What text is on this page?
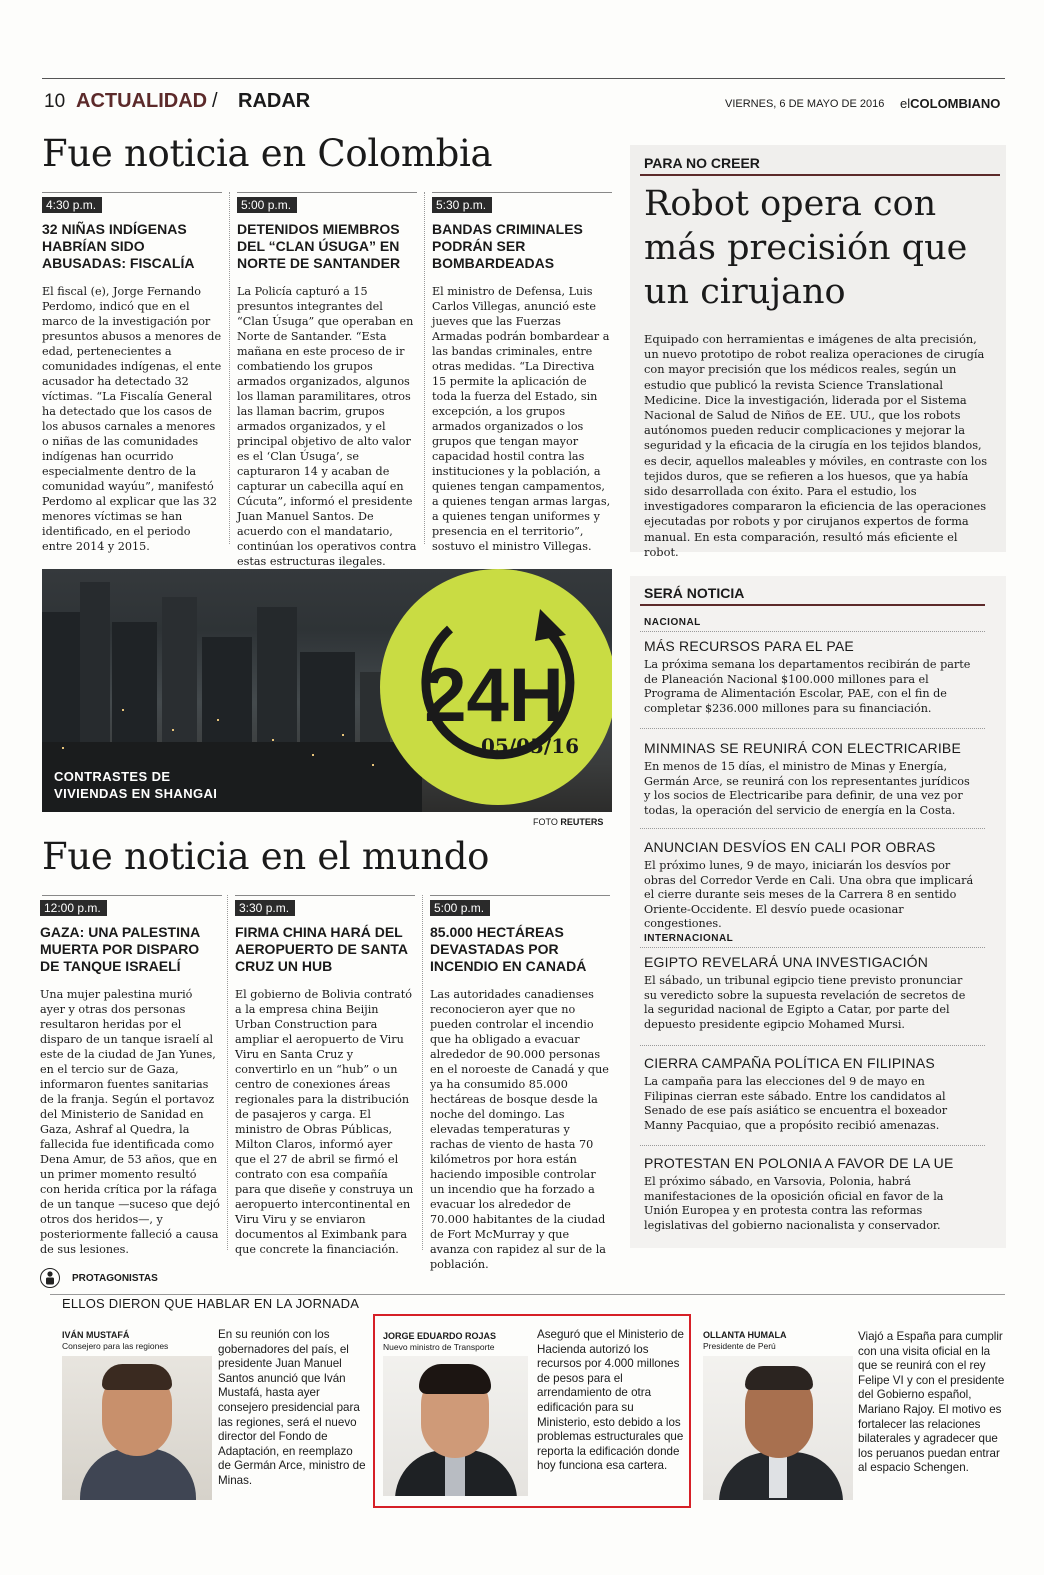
10 ACTUALIDAD / RADAR	VIERNES, 6 DE MAYO DE 2016 elCOLOMBIANO
Fue noticia en Colombia
4:30 p.m.
32 NIÑAS INDÍGENAS HABRÍAN SIDO ABUSADAS: FISCALÍA
El fiscal (e), Jorge Fernando Perdomo, indicó que en el marco de la investigación por presuntos abusos a menores de edad, pertenecientes a comunidades indígenas, el ente acusador ha detectado 32 víctimas. “La Fiscalía General ha detectado que los casos de los abusos carnales a menores o niñas de las comunidades indígenas han ocurrido especialmente dentro de la comunidad wayúu”, manifestó Perdomo al explicar que las 32 menores víctimas se han identificado, en el periodo entre 2014 y 2015.
5:00 p.m.
DETENIDOS MIEMBROS DEL “CLAN ÚSUGA” EN NORTE DE SANTANDER
La Policía capturó a 15 presuntos integrantes del “Clan Úsuga” que operaban en Norte de Santander. “Esta mañana en este proceso de ir combatiendo los grupos armados organizados, algunos los llaman paramilitares, otros las llaman bacrim, grupos armados organizados, y el principal objetivo de alto valor es el ‘Clan Úsuga’, se capturaron 14 y acaban de capturar un cabecilla aquí en Cúcuta”, informó el presidente Juan Manuel Santos. De acuerdo con el mandatario, continúan los operativos contra estas estructuras ilegales.
5:30 p.m.
BANDAS CRIMINALES PODRÁN SER BOMBARDEADAS
El ministro de Defensa, Luis Carlos Villegas, anunció este jueves que las Fuerzas Armadas podrán bombardear a las bandas criminales, entre otras medidas. “La Directiva 15 permite la aplicación de toda la fuerza del Estado, sin excepción, a los grupos armados organizados o los grupos que tengan mayor capacidad hostil contra las instituciones y la población, a quienes tengan campamentos, a quienes tengan armas largas, a quienes tengan uniformes y presencia en el territorio”, sostuvo el ministro Villegas.
PARA NO CREER
Robot opera con más precisión que un cirujano
Equipado con herramientas e imágenes de alta precisión, un nuevo prototipo de robot realiza operaciones de cirugía con mayor precisión que los médicos reales, según un estudio que publicó la revista Science Translational Medicine. Dice la investigación, liderada por el Sistema Nacional de Salud de Niños de EE. UU., que los robots autónomos pueden reducir complicaciones y mejorar la seguridad y la eficacia de la cirugía en los tejidos blandos, es decir, aquellos maleables y móviles, en contraste con los tejidos duros, que se refieren a los huesos, que ya había sido desarrollada con éxito. Para el estudio, los investigadores compararon la eficiencia de las operaciones ejecutadas por robots y por cirujanos expertos de forma manual. En esta comparación, resultó más eficiente el robot.
24H
05/05/16
CONTRASTES DE
VIVIENDAS EN SHANGAI
FOTO REUTERS
SERÁ NOTICIA
NACIONAL
MÁS RECURSOS PARA EL PAE
La próxima semana los departamentos recibirán de parte de Planeación Nacional $100.000 millones para el Programa de Alimentación Escolar, PAE, con el fin de completar $236.000 millones para su financiación.
MINMINAS SE REUNIRÁ CON ELECTRICARIBE
En menos de 15 días, el ministro de Minas y Energía, Germán Arce, se reunirá con los representantes jurídicos y los socios de Electricaribe para definir, de una vez por todas, la operación del servicio de energía en la Costa.
ANUNCIAN DESVÍOS EN CALI POR OBRAS
El próximo lunes, 9 de mayo, iniciarán los desvíos por obras del Corredor Verde en Cali. Una obra que implicará el cierre durante seis meses de la Carrera 8 en sentido Oriente-Occidente. El desvío puede ocasionar congestiones.
INTERNACIONAL
EGIPTO REVELARÁ UNA INVESTIGACIÓN
El sábado, un tribunal egipcio tiene previsto pronunciar su veredicto sobre la supuesta revelación de secretos de la seguridad nacional de Egipto a Catar, por parte del depuesto presidente egipcio Mohamed Mursi.
CIERRA CAMPAÑA POLÍTICA EN FILIPINAS
La campaña para las elecciones del 9 de mayo en Filipinas cierran este sábado. Entre los candidatos al Senado de ese país asiático se encuentra el boxeador Manny Pacquiao, que a propósito recibió amenazas.
PROTESTAN EN POLONIA A FAVOR DE LA UE
El próximo sábado, en Varsovia, Polonia, habrá manifestaciones de la oposición oficial en favor de la Unión Europea y en protesta contra las reformas legislativas del gobierno nacionalista y conservador.
Fue noticia en el mundo
12:00 p.m.
GAZA: UNA PALESTINA MUERTA POR DISPARO DE TANQUE ISRAELÍ
Una mujer palestina murió ayer y otras dos personas resultaron heridas por el disparo de un tanque israelí al este de la ciudad de Jan Yunes, en el tercio sur de Gaza, informaron fuentes sanitarias de la franja. Según el portavoz del Ministerio de Sanidad en Gaza, Ashraf al Quedra, la fallecida fue identificada como Dena Amur, de 53 años, que en un primer momento resultó con herida crítica por la ráfaga de un tanque —suceso que dejó otros dos heridos—, y posteriormente falleció a causa de sus lesiones.
3:30 p.m.
FIRMA CHINA HARÁ DEL AEROPUERTO DE SANTA CRUZ UN HUB
El gobierno de Bolivia contrató a la empresa china Beijin Urban Construction para ampliar el aeropuerto de Viru Viru en Santa Cruz y convertirlo en un “hub” o un centro de conexiones áreas regionales para la distribución de pasajeros y carga. El ministro de Obras Públicas, Milton Claros, informó ayer que el 27 de abril se firmó el contrato con esa compañía para que diseñe y construya un aeropuerto intercontinental en Viru Viru y se enviaron documentos al Eximbank para que concrete la financiación.
5:00 p.m.
85.000 HECTÁREAS DEVASTADAS POR INCENDIO EN CANADÁ
Las autoridades canadienses reconocieron ayer que no pueden controlar el incendio que ha obligado a evacuar alrededor de 90.000 personas en el noroeste de Canadá y que ya ha consumido 85.000 hectáreas de bosque desde la noche del domingo. Las elevadas temperaturas y rachas de viento de hasta 70 kilómetros por hora están haciendo imposible controlar un incendio que ha forzado a evacuar los alrededor de 70.000 habitantes de la ciudad de Fort McMurray y que avanza con rapidez al sur de la población.
PROTAGONISTAS
ELLOS DIERON QUE HABLAR EN LA JORNADA
IVÁN MUSTAFÁ
Consejero para las regiones
En su reunión con los gobernadores del país, el presidente Juan Manuel Santos anunció que Iván Mustafá, hasta ayer consejero presidencial para las regiones, será el nuevo director del Fondo de Adaptación, en reemplazo de Germán Arce, ministro de Minas.
JORGE EDUARDO ROJAS
Nuevo ministro de Transporte
Aseguró que el Ministerio de Hacienda autorizó los recursos por 4.000 millones de pesos para el arrendamiento de otra edificación para su Ministerio, esto debido a los problemas estructurales que reporta la edificación donde hoy funciona esa cartera.
OLLANTA HUMALA
Presidente de Perú
Viajó a España para cumplir con una visita oficial en la que se reunirá con el rey Felipe VI y con el presidente del Gobierno español, Mariano Rajoy. El motivo es fortalecer las relaciones bilaterales y agradecer que los peruanos puedan entrar al espacio Schengen.
